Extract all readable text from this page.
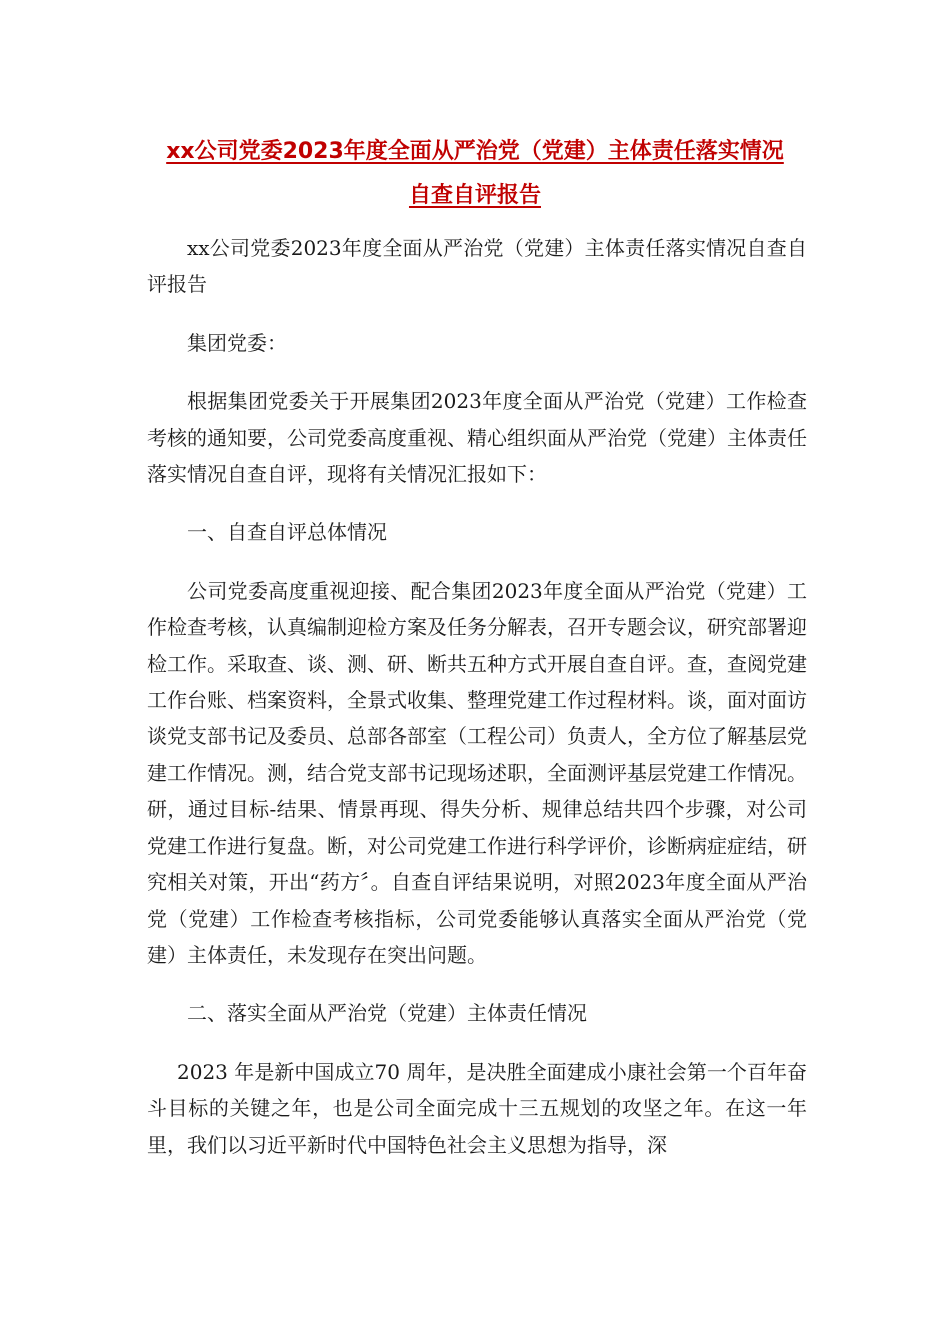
xx公司党委2023年度全面从严治党（党建）主体责任落实情况
自查自评报告

xx公司党委2023年度全面从严治党（党建）主体责任落实情况自查自评报告

集团党委：

根据集团党委关于开展集团2023年度全面从严治党（党建）工作检查考核的通知要，公司党委高度重视、精心组织面从严治党（党建）主体责任落实情况自查自评，现将有关情况汇报如下：

一、自查自评总体情况

公司党委高度重视迎接、配合集团2023年度全面从严治党（党建）工作检查考核，认真编制迎检方案及任务分解表，召开专题会议，研究部署迎检工作。采取查、谈、测、研、断共五种方式开展自查自评。查，查阅党建工作台账、档案资料，全景式收集、整理党建工作过程材料。谈，面对面访谈党支部书记及委员、总部各部室（工程公司）负责人，全方位了解基层党建工作情况。测，结合党支部书记现场述职，全面测评基层党建工作情况。研，通过目标-结果、情景再现、得失分析、规律总结共四个步骤，对公司党建工作进行复盘。断，对公司党建工作进行科学评价，诊断病症症结，研究相关对策，开出“药方〞。自查自评结果说明，对照2023年度全面从严治党（党建）工作检查考核指标，公司党委能够认真落实全面从严治党（党建）主体责任，未发现存在突出问题。

二、落实全面从严治党（党建）主体责任情况

2023 年是新中国成立70 周年，是决胜全面建成小康社会第一个百年奋斗目标的关键之年，也是公司全面完成十三五规划的攻坚之年。在这一年里，我们以习近平新时代中国特色社会主义思想为指导，深
